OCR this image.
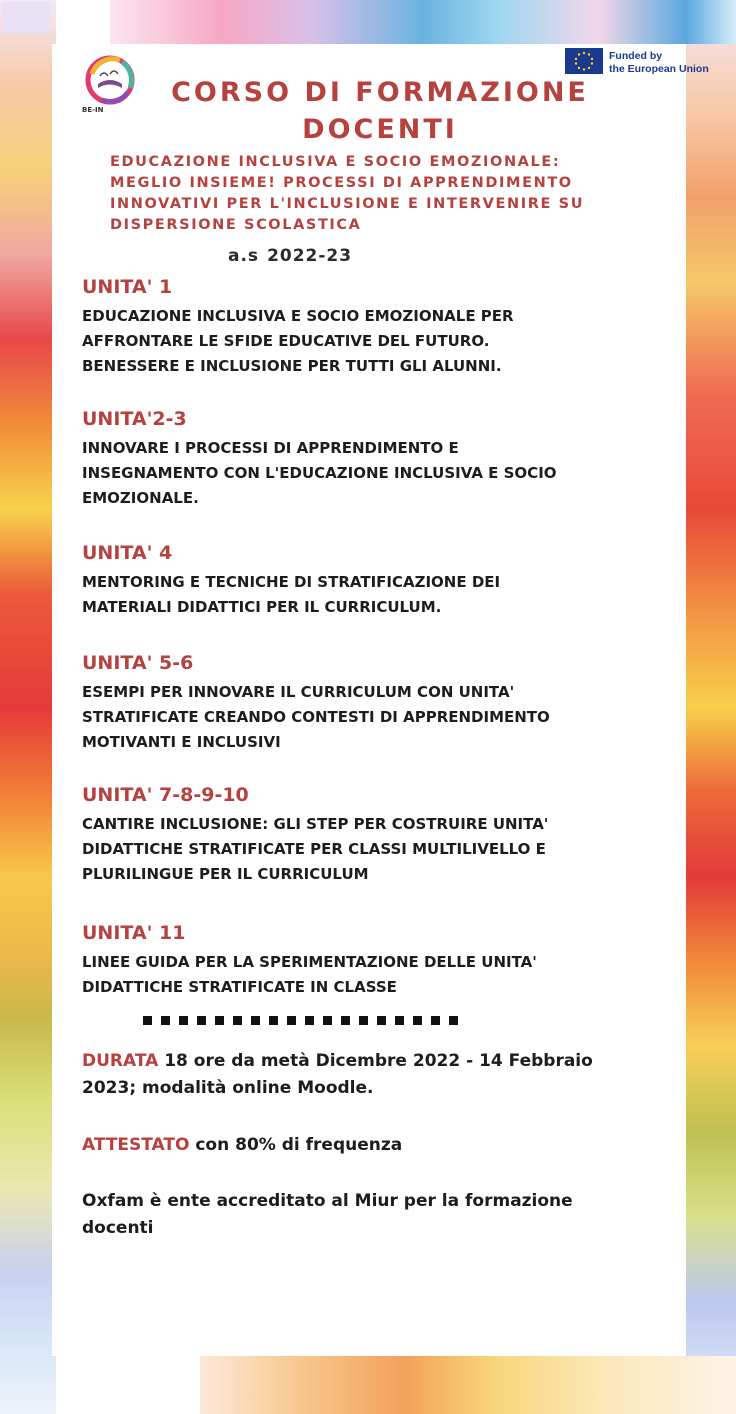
BE-IN
Funded by
the European Union
CORSO DI FORMAZIONE DOCENTI
EDUCAZIONE INCLUSIVA E SOCIO EMOZIONALE: MEGLIO INSIEME! PROCESSI DI APPRENDIMENTO INNOVATIVI PER L'INCLUSIONE E INTERVENIRE SU DISPERSIONE SCOLASTICA
a.s 2022-23

UNITA' 1

EDUCAZIONE INCLUSIVA E SOCIO EMOZIONALE PER AFFRONTARE LE SFIDE EDUCATIVE DEL FUTURO. BENESSERE E INCLUSIONE PER TUTTI GLI ALUNNI.

UNITA'2-3

INNOVARE I PROCESSI DI APPRENDIMENTO E INSEGNAMENTO CON L'EDUCAZIONE INCLUSIVA E SOCIO EMOZIONALE.

UNITA' 4

MENTORING E TECNICHE DI STRATIFICAZIONE DEI MATERIALI DIDATTICI PER IL CURRICULUM.

UNITA' 5-6

ESEMPI PER INNOVARE IL CURRICULUM CON UNITA' STRATIFICATE CREANDO CONTESTI DI APPRENDIMENTO MOTIVANTI E INCLUSIVI

UNITA' 7-8-9-10

CANTIRE INCLUSIONE: GLI STEP PER COSTRUIRE UNITA' DIDATTICHE STRATIFICATE PER CLASSI MULTILIVELLO E PLURILINGUE PER IL CURRICULUM

UNITA' 11

LINEE GUIDA PER LA SPERIMENTAZIONE DELLE UNITA' DIDATTICHE STRATIFICATE IN CLASSE

DURATA 18 ore da metà Dicembre 2022 - 14 Febbraio 2023; modalità online Moodle.

ATTESTATO con 80% di frequenza

Oxfam è ente accreditato al Miur per la formazione docenti
